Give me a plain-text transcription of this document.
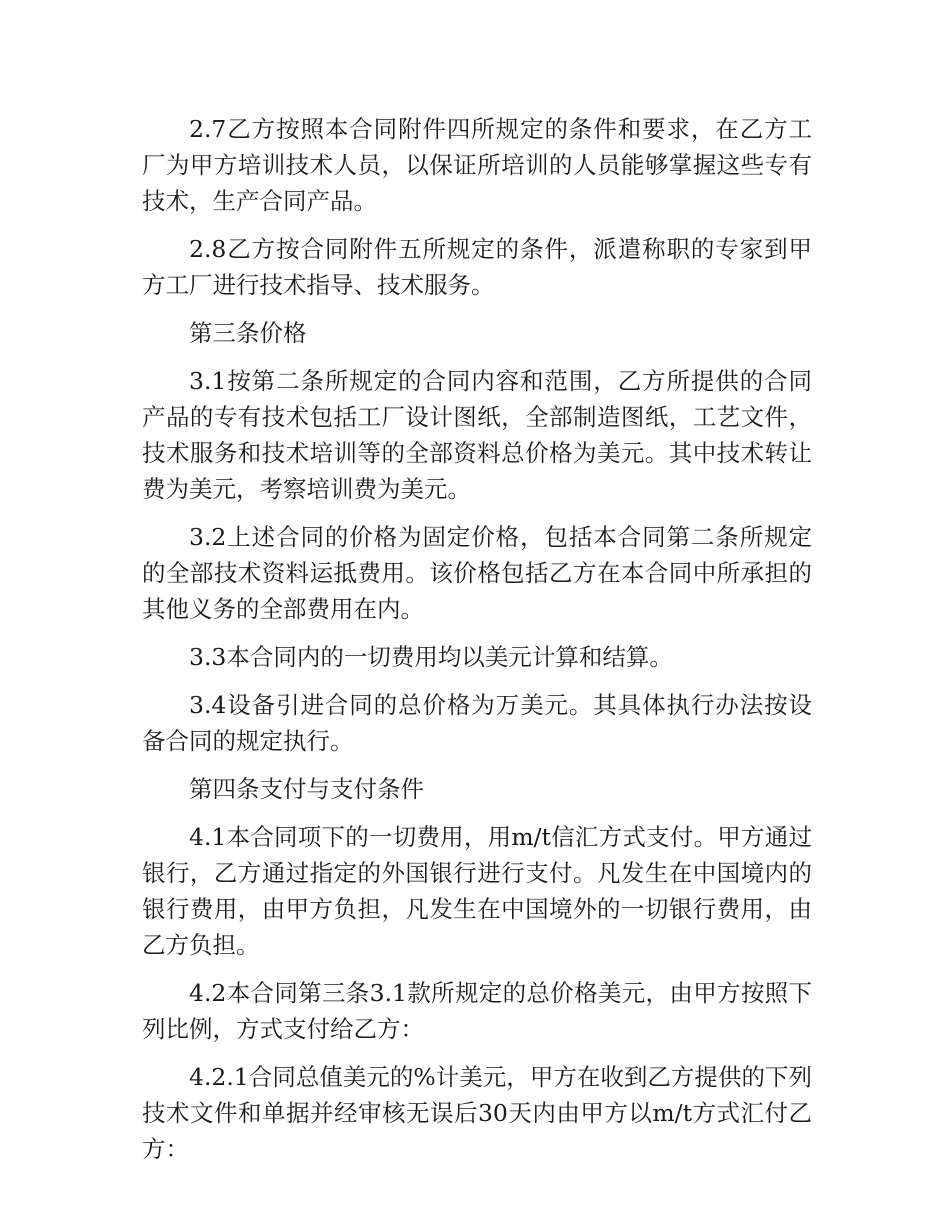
2.7乙方按照本合同附件四所规定的条件和要求，在乙方工厂为甲方培训技术人员，以保证所培训的人员能够掌握这些专有技术，生产合同产品。

2.8乙方按合同附件五所规定的条件，派遣称职的专家到甲方工厂进行技术指导、技术服务。

第三条价格

3.1按第二条所规定的合同内容和范围，乙方所提供的合同产品的专有技术包括工厂设计图纸，全部制造图纸，工艺文件，技术服务和技术培训等的全部资料总价格为美元。其中技术转让费为美元，考察培训费为美元。

3.2上述合同的价格为固定价格，包括本合同第二条所规定的全部技术资料运抵费用。该价格包括乙方在本合同中所承担的其他义务的全部费用在内。

3.3本合同内的一切费用均以美元计算和结算。

3.4设备引进合同的总价格为万美元。其具体执行办法按设备合同的规定执行。

第四条支付与支付条件

4.1本合同项下的一切费用，用m/t信汇方式支付。甲方通过银行，乙方通过指定的外国银行进行支付。凡发生在中国境内的银行费用，由甲方负担，凡发生在中国境外的一切银行费用，由乙方负担。

4.2本合同第三条3.1款所规定的总价格美元，由甲方按照下列比例，方式支付给乙方：

4.2.1合同总值美元的%计美元，甲方在收到乙方提供的下列技术文件和单据并经审核无误后30天内由甲方以m/t方式汇付乙方：
